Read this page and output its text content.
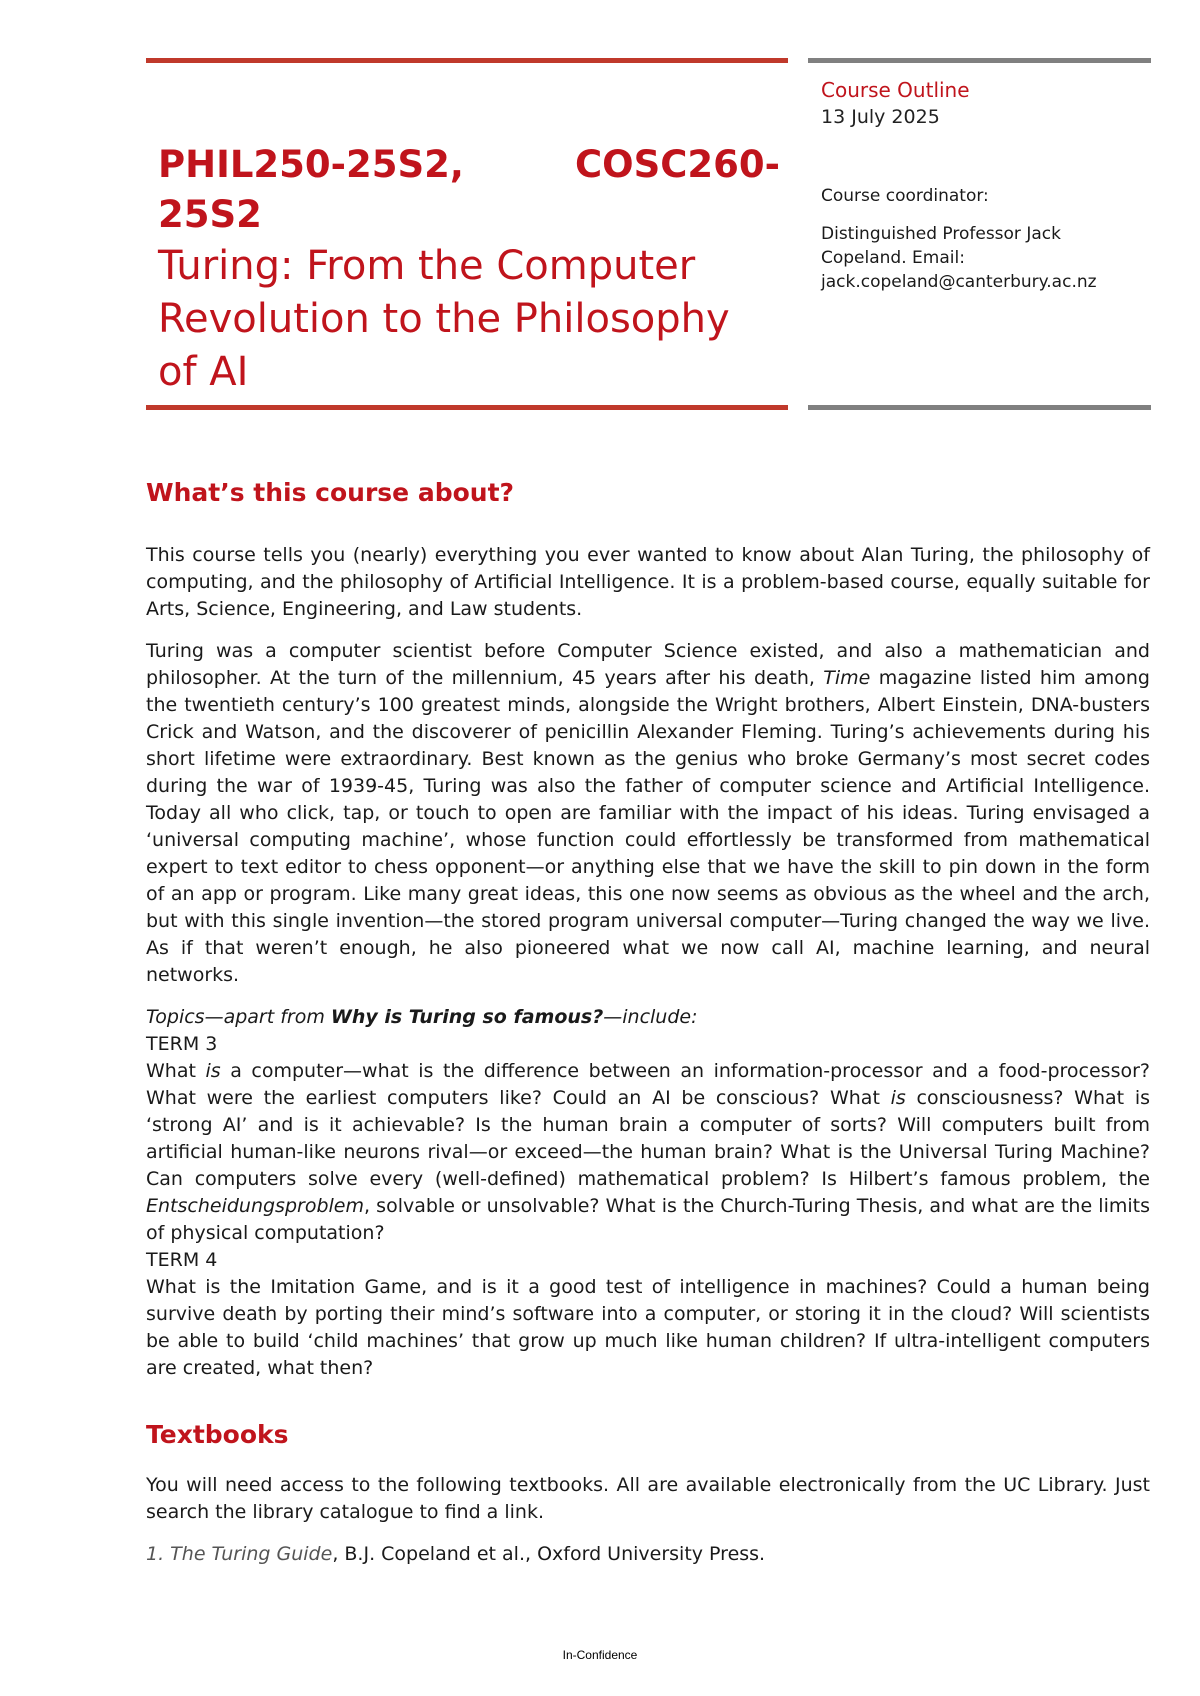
PHIL250-25S2, COSC260-25S2
Turing: From the Computer Revolution to the Philosophy of AI
Course Outline
13 July 2025
Course coordinator:
Distinguished Professor Jack Copeland. Email: jack.copeland@canterbury.ac.nz
What’s this course about?

This course tells you (nearly) everything you ever wanted to know about Alan Turing, the philosophy of computing, and the philosophy of Artificial Intelligence. It is a problem-based course, equally suitable for Arts, Science, Engineering, and Law students.

Turing was a computer scientist before Computer Science existed, and also a mathematician and philosopher. At the turn of the millennium, 45 years after his death, Time magazine listed him among the twentieth century’s 100 greatest minds, alongside the Wright brothers, Albert Einstein, DNA-busters Crick and Watson, and the discoverer of penicillin Alexander Fleming. Turing’s achievements during his short lifetime were extraordinary. Best known as the genius who broke Germany’s most secret codes during the war of 1939-45, Turing was also the father of computer science and Artificial Intelligence. Today all who click, tap, or touch to open are familiar with the impact of his ideas. Turing envisaged a ‘universal computing machine’, whose function could effortlessly be transformed from mathematical expert to text editor to chess opponent—or anything else that we have the skill to pin down in the form of an app or program. Like many great ideas, this one now seems as obvious as the wheel and the arch, but with this single invention—the stored program universal computer—Turing changed the way we live. As if that weren’t enough, he also pioneered what we now call AI, machine learning, and neural networks.

Topics—apart from Why is Turing so famous?—include:

TERM 3

What is a computer—what is the difference between an information-processor and a food-processor? What were the earliest computers like? Could an AI be conscious? What is consciousness? What is ‘strong AI’ and is it achievable? Is the human brain a computer of sorts? Will computers built from artificial human-like neurons rival—or exceed—the human brain? What is the Universal Turing Machine? Can computers solve every (well-defined) mathematical problem? Is Hilbert’s famous problem, the Entscheidungsproblem, solvable or unsolvable? What is the Church-Turing Thesis, and what are the limits of physical computation?

TERM 4

What is the Imitation Game, and is it a good test of intelligence in machines? Could a human being survive death by porting their mind’s software into a computer, or storing it in the cloud? Will scientists be able to build ‘child machines’ that grow up much like human children? If ultra-intelligent computers are created, what then?

Textbooks

You will need access to the following textbooks. All are available electronically from the UC Library. Just search the library catalogue to find a link.

1. The Turing Guide, B.J. Copeland et al., Oxford University Press.
In-Confidence
